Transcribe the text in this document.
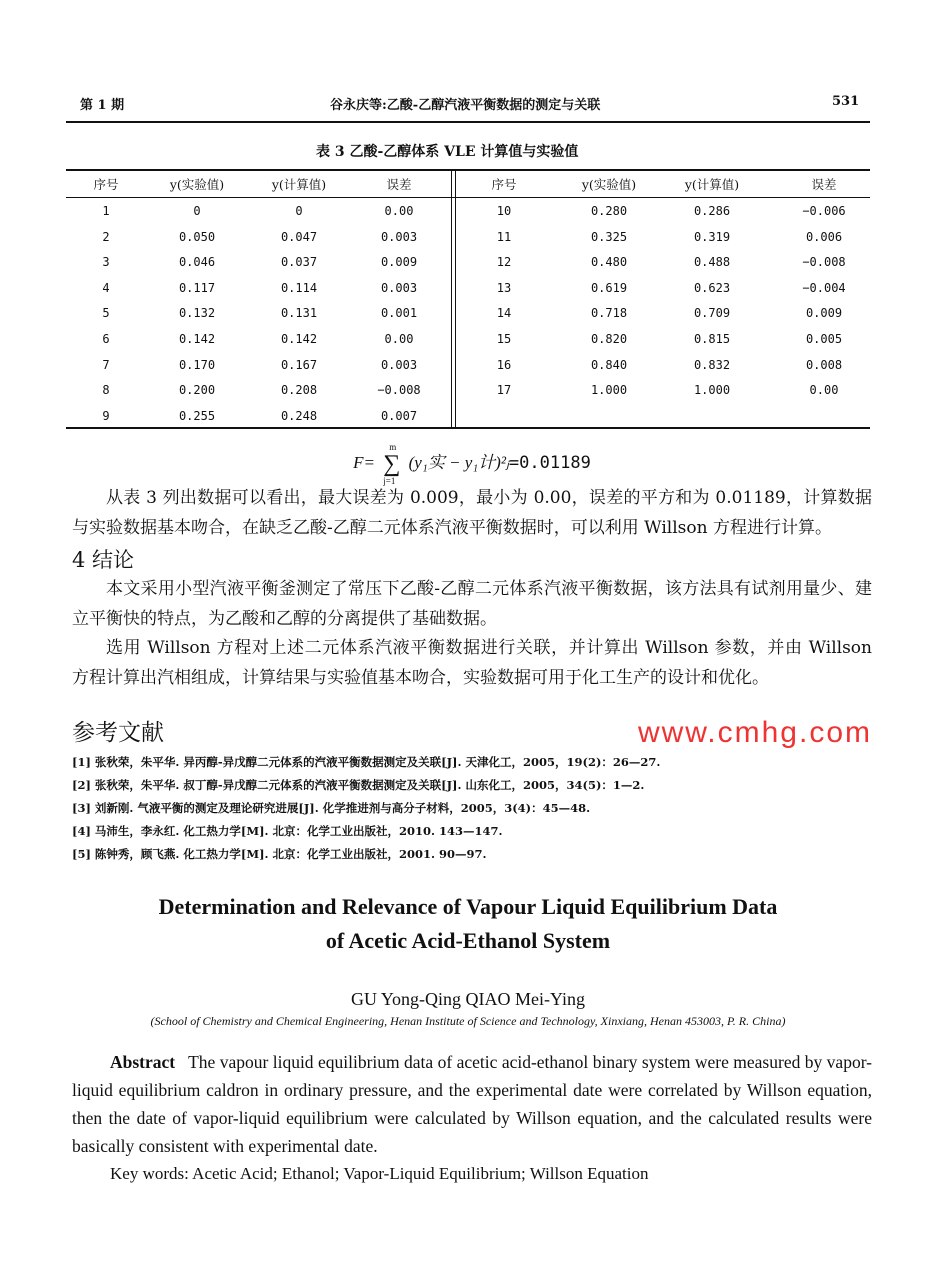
第 1 期	谷永庆等:乙酸-乙醇汽液平衡数据的测定与关联	531
表 3 乙酸-乙醇体系 VLE 计算值与实验值
序号	y(实验值)	y(计算值)	误差	序号	y(实验值)	y(计算值)	误差
1	0	0	0.00
2	0.050	0.047	0.003
3	0.046	0.037	0.009
4	0.117	0.114	0.003
5	0.132	0.131	0.001
6	0.142	0.142	0.00
7	0.170	0.167	0.003
8	0.200	0.208	−0.008
9	0.255	0.248	0.007
10	0.280	0.286	−0.006
11	0.325	0.319	0.006
12	0.480	0.488	−0.008
13	0.619	0.623	−0.004
14	0.718	0.709	0.009
15	0.820	0.815	0.005
16	0.840	0.832	0.008
17	1.000	1.000	0.00
F= ∑
m
j=1
(y₁实 − y₁计)²ⱼ=0.01189

从表 3 列出数据可以看出，最大误差为 0.009，最小为 0.00，误差的平方和为 0.01189，计算数据与实验数据基本吻合，在缺乏乙酸-乙醇二元体系汽液平衡数据时，可以利用 Willson 方程进行计算。

4 结论

本文采用小型汽液平衡釜测定了常压下乙酸-乙醇二元体系汽液平衡数据，该方法具有试剂用量少、建立平衡快的特点，为乙酸和乙醇的分离提供了基础数据。

选用 Willson 方程对上述二元体系汽液平衡数据进行关联，并计算出 Willson 参数，并由 Willson 方程计算出汽相组成，计算结果与实验值基本吻合，实验数据可用于化工生产的设计和优化。

参考文献	www.cmhg.com
[1] 张秋荣，朱平华. 异丙醇-异戊醇二元体系的汽液平衡数据测定及关联[J]. 天津化工，2005，19(2)：26—27.
[2] 张秋荣，朱平华. 叔丁醇-异戊醇二元体系的汽液平衡数据测定及关联[J]. 山东化工，2005，34(5)：1—2.
[3] 刘新刚. 气液平衡的测定及理论研究进展[J]. 化学推进剂与高分子材料，2005，3(4)：45—48.
[4] 马沛生，李永红. 化工热力学[M]. 北京：化学工业出版社，2010. 143—147.
[5] 陈钟秀，顾飞燕. 化工热力学[M]. 北京：化学工业出版社，2001. 90—97.
Determination and Relevance of Vapour Liquid Equilibrium Data
of Acetic Acid-Ethanol System
GU Yong-Qing QIAO Mei-Ying
(School of Chemistry and Chemical Engineering, Henan Institute of Science and Technology, Xinxiang, Henan 453003, P. R. China)
Abstract The vapour liquid equilibrium data of acetic acid-ethanol binary system were measured by vapor-liquid equilibrium caldron in ordinary pressure, and the experimental date were correlated by Willson equation, then the date of vapor-liquid equilibrium were calculated by Willson equation, and the calculated results were basically consistent with experimental date.
Key words: Acetic Acid; Ethanol; Vapor-Liquid Equilibrium; Willson Equation
